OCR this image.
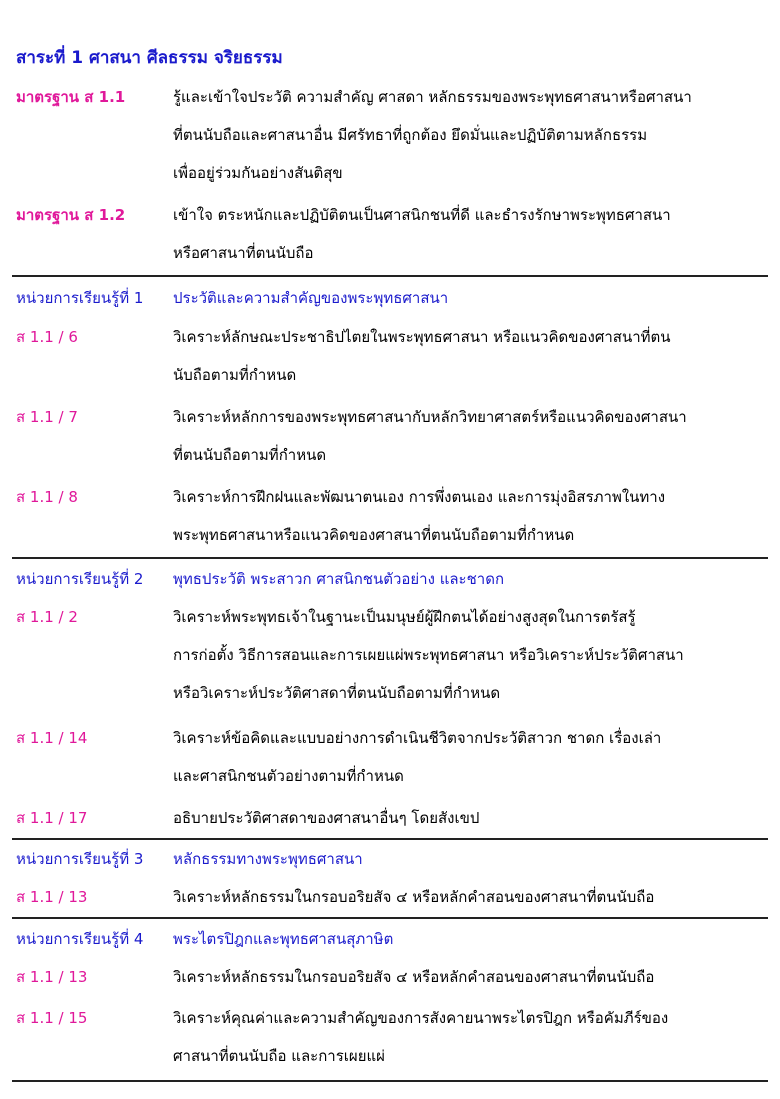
สาระที่ 1 ศาสนา ศีลธรรม จริยธรรม
มาตรฐาน ส 1.1	รู้และเข้าใจประวัติ ความสำคัญ ศาสดา หลักธรรมของพระพุทธศาสนาหรือศาสนา
ที่ตนนับถือและศาสนาอื่น มีศรัทธาที่ถูกต้อง ยึดมั่นและปฏิบัติตามหลักธรรม
เพื่ออยู่ร่วมกันอย่างสันติสุข
มาตรฐาน ส 1.2	เข้าใจ ตระหนักและปฏิบัติตนเป็นศาสนิกชนที่ดี และธำรงรักษาพระพุทธศาสนา
หรือศาสนาที่ตนนับถือ
หน่วยการเรียนรู้ที่ 1 ประวัติและความสำคัญของพระพุทธศาสนา
ส 1.1 / 6	วิเคราะห์ลักษณะประชาธิปไตยในพระพุทธศาสนา หรือแนวคิดของศาสนาที่ตน
นับถือตามที่กำหนด
ส 1.1 / 7	วิเคราะห์หลักการของพระพุทธศาสนากับหลักวิทยาศาสตร์หรือแนวคิดของศาสนา
ที่ตนนับถือตามที่กำหนด
ส 1.1 / 8	วิเคราะห์การฝึกฝนและพัฒนาตนเอง การพึ่งตนเอง และการมุ่งอิสรภาพในทาง
พระพุทธศาสนาหรือแนวคิดของศาสนาที่ตนนับถือตามที่กำหนด
หน่วยการเรียนรู้ที่ 2 พุทธประวัติ พระสาวก ศาสนิกชนตัวอย่าง และชาดก
ส 1.1 / 2	วิเคราะห์พระพุทธเจ้าในฐานะเป็นมนุษย์ผู้ฝึกตนได้อย่างสูงสุดในการตรัสรู้
การก่อตั้ง วิธีการสอนและการเผยแผ่พระพุทธศาสนา หรือวิเคราะห์ประวัติศาสนา
หรือวิเคราะห์ประวัติศาสดาที่ตนนับถือตามที่กำหนด
ส 1.1 / 14	วิเคราะห์ข้อคิดและแบบอย่างการดำเนินชีวิตจากประวัติสาวก ชาดก เรื่องเล่า
และศาสนิกชนตัวอย่างตามที่กำหนด
ส 1.1 / 17	อธิบายประวัติศาสดาของศาสนาอื่นๆ โดยสังเขป
หน่วยการเรียนรู้ที่ 3 หลักธรรมทางพระพุทธศาสนา
ส 1.1 / 13	วิเคราะห์หลักธรรมในกรอบอริยสัจ ๔ หรือหลักคำสอนของศาสนาที่ตนนับถือ
หน่วยการเรียนรู้ที่ 4 พระไตรปิฎกและพุทธศาสนสุภาษิต
ส 1.1 / 13	วิเคราะห์หลักธรรมในกรอบอริยสัจ ๔ หรือหลักคำสอนของศาสนาที่ตนนับถือ
ส 1.1 / 15	วิเคราะห์คุณค่าและความสำคัญของการสังคายนาพระไตรปิฎก หรือคัมภีร์ของ
ศาสนาที่ตนนับถือ และการเผยแผ่
